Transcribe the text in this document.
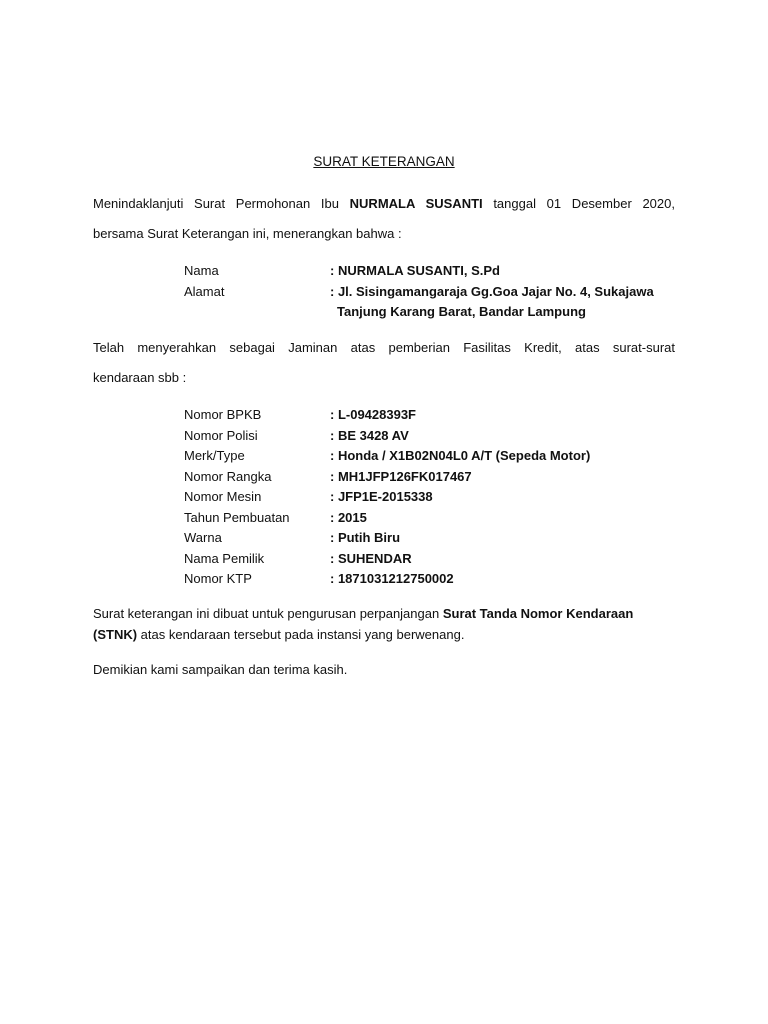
SURAT KETERANGAN
Menindaklanjuti Surat Permohonan Ibu NURMALA SUSANTI tanggal 01 Desember 2020,
bersama Surat Keterangan ini, menerangkan bahwa :
Nama	: NURMALA SUSANTI, S.Pd
Alamat	: Jl. Sisingamangaraja Gg.Goa Jajar No. 4, Sukajawa
Tanjung Karang Barat, Bandar Lampung
Telah menyerahkan sebagai Jaminan atas pemberian Fasilitas Kredit, atas surat-surat
kendaraan sbb :
Nomor BPKB	: L-09428393F
Nomor Polisi	: BE 3428 AV
Merk/Type	: Honda / X1B02N04L0 A/T (Sepeda Motor)
Nomor Rangka	: MH1JFP126FK017467
Nomor Mesin	: JFP1E-2015338
Tahun Pembuatan	: 2015
Warna	: Putih Biru
Nama Pemilik	: SUHENDAR
Nomor KTP	: 1871031212750002
Surat keterangan ini dibuat untuk pengurusan perpanjangan Surat Tanda Nomor Kendaraan
(STNK) atas kendaraan tersebut pada instansi yang berwenang.
Demikian kami sampaikan dan terima kasih.
